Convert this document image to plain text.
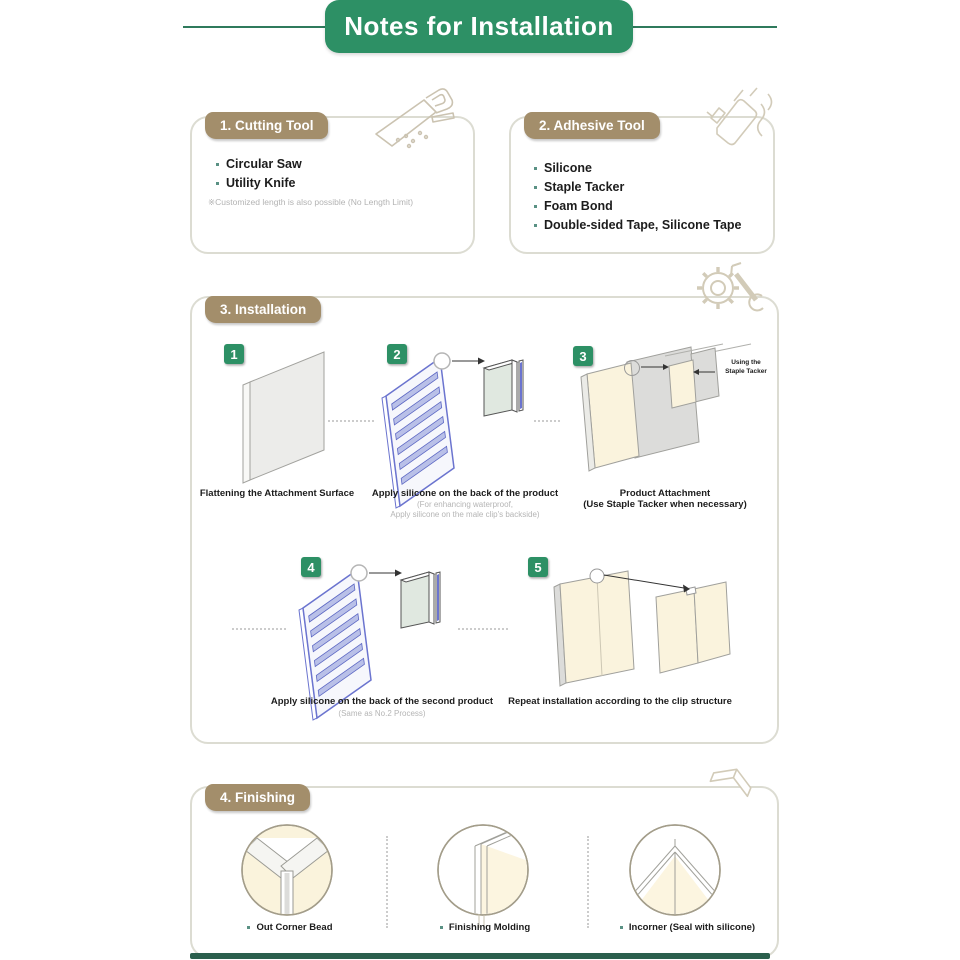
Notes for Installation
1. Cutting Tool
Circular Saw
Utility Knife
※Customized length is also possible (No Length Limit)
2. Adhesive Tool
Silicone
Staple Tacker
Foam Bond
Double-sided Tape, Silicone Tape
3. Installation
1	2	3	Using the
Staple Tacker
Flattening the Attachment Surface	Apply silicone on the back of the product
(For enhancing waterproof,
Apply silicone on the male clip's backside)
Product Attachment
(Use Staple Tacker when necessary)
4	5
Apply silicone on the back of the second product
(Same as No.2 Process)
Repeat installation according to the clip structure
4. Finishing
Out Corner Bead	Finishing Molding	Incorner (Seal with silicone)
